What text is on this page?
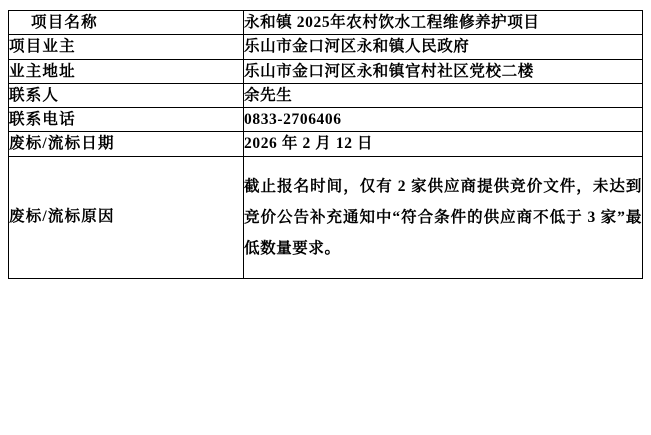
项目名称	永和镇 2025年农村饮水工程维修养护项目
项目业主	乐山市金口河区永和镇人民政府
业主地址	乐山市金口河区永和镇官村社区党校二楼
联系人	余先生
联系电话	0833-2706406
废标/流标日期	2026 年 2 月 12 日
废标/流标原因	截止报名时间，仅有 2 家供应商提供竞价文件，未达到竞价公告补充通知中“符合条件的供应商不低于 3 家”最低数量要求。
